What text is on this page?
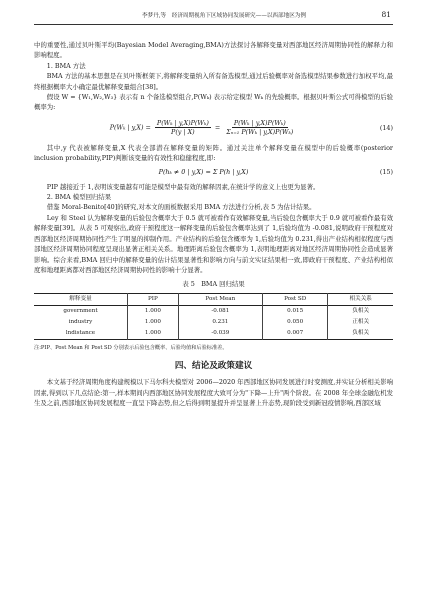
李梦丹,等　经济周期视角下区域协同发展研究——以西部地区为例	81

中的重要性,通过贝叶斯平均(Bayesian Model Averaging,BMA)方法探讨各解释变量对西部地区经济周期协同性的解释力和影响程度。

1. BMA 方法

BMA 方法的基本思想是在贝叶斯框架下,将解释变量纳入所有备选模型,通过后验概率对备选模型结果参数进行加权平均,最终根据概率大小确定最优解释变量组合[38]。

假设 W = {W₁,W₂,W₃} 表示有 n 个备选模型组合,P(Wₖ) 表示给定模型 Wₖ 的先验概率。根据贝叶斯公式可得模型的后验概率为:

P(Wₖ | $y,X) = \frac{\text{P(Wₖ | y,X)P(Wₖ)}}{P(y | X)} = \frac{\text{P(Wₖ | y,X)P(Wₖ)}}{\text{Σₙ₌₁ P(Wₖ | y,X)P(Wₖ)}}$	(14)

其中,y 代表被解释变量,X 代表全部潜在解释变量的矩阵。通过关注单个解释变量在模型中的后验概率(posterior inclusion probability,PIP)判断该变量的有效性和稳健程度,即:

P(hₖ ≠ 0 | y,X) = Σ P(h | y,X)	(15)

PIP 越接近于 1,表明该变量越有可能是模型中最有效的解释因素,在统计学的意义上也更为显著。

2. BMA 模型回归结果

借鉴 Moral-Benito[40]的研究,对本文的面板数据采用 BMA 方法进行分析,表 5 为估计结果。

Ley 和 Steel 认为解释变量的后验包含概率大于 0.5 就可被看作有效解释变量,当后验包含概率大于 0.9 就可被看作最有效解释变量[39]。从表 5 可观察出,政府干预程度这一解释变量的后验包含概率达到了 1,后验均值为 -0.081,说明政府干预程度对西部地区经济周期协同性产生了明显的抑制作用。产业结构的后验包含概率为 1,后验均值为 0.231,得出产业结构相似程度与西部地区经济周期协同程度呈现出显著正相关关系。地理距离后验包含概率为 1,表明地理距离对地区经济周期协同性会造成显著影响。综合来看,BMA 回归中的解释变量的估计结果显著性和影响方向与前文实证结果相一致,即政府干预程度、产业结构相似度和地理距离都对西部地区经济周期协同性的影响十分显著。

表 5　BMA 回归结果
解释变量	PIP	Post Mean	Post SD	相关关系
government	1.000	-0.081	0.015	负相关
industry	1.000	0.231	0.050	正相关
lndistance	1.000	-0.039	0.007	负相关
注:PIP、Post Mean 和 Post SD 分别表示后验包含概率、后验均值和后验标准差。
四、结论及政策建议

本文基于经济周期角度构建规模以下马尔科夫模型对 2006—2020 年西部地区协同发展进行时变测度,并实证分析相关影响因素,得到以下几点结论:第一,样本期间内西部地区协同发展程度大致可分为"下降—上升"两个阶段。在 2008 年全球金融危机发生及之前,西部地区协同发展程度一直呈下降态势,但之后得到明显提升并呈显著上升态势,现阶段受到新冠疫情影响,西部区域
